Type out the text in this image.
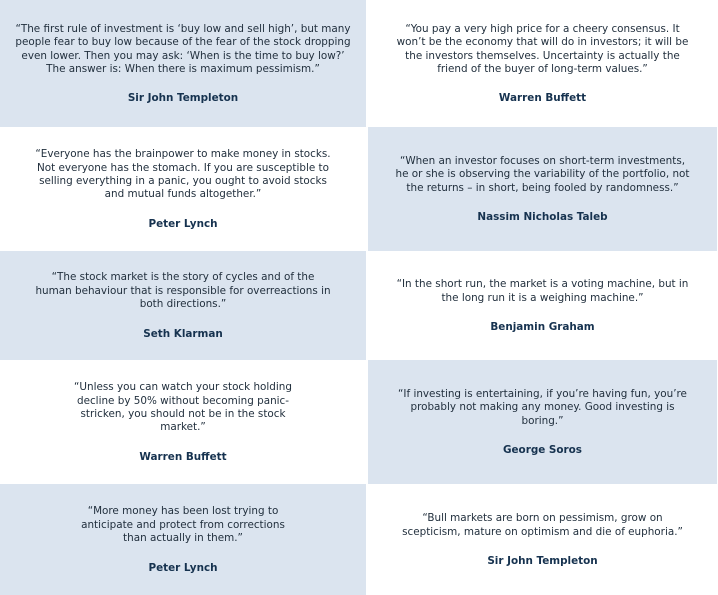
“The first rule of investment is ‘buy low and sell high’, but many people fear to buy low because of the fear of the stock dropping even lower. Then you may ask: ‘When is the time to buy low?’ The answer is: When there is maximum pessimism.”

Sir John Templeton

“You pay a very high price for a cheery consensus. It won’t be the economy that will do in investors; it will be the investors themselves. Uncertainty is actually the friend of the buyer of long-term values.”

Warren Buffett

“Everyone has the brainpower to make money in stocks. Not everyone has the stomach. If you are susceptible to selling everything in a panic, you ought to avoid stocks and mutual funds altogether.”

Peter Lynch

“When an investor focuses on short-term investments, he or she is observing the variability of the portfolio, not the returns – in short, being fooled by randomness.”

Nassim Nicholas Taleb

“The stock market is the story of cycles and of the human behaviour that is responsible for overreactions in both directions.”

Seth Klarman

“In the short run, the market is a voting machine, but in the long run it is a weighing machine.”

Benjamin Graham

“Unless you can watch your stock holding decline by 50% without becoming panic-stricken, you should not be in the stock market.”

Warren Buffett

“If investing is entertaining, if you’re having fun, you’re probably not making any money. Good investing is boring.”

George Soros

“More money has been lost trying to anticipate and protect from corrections than actually in them.”

Peter Lynch

“Bull markets are born on pessimism, grow on scepticism, mature on optimism and die of euphoria.”

Sir John Templeton
